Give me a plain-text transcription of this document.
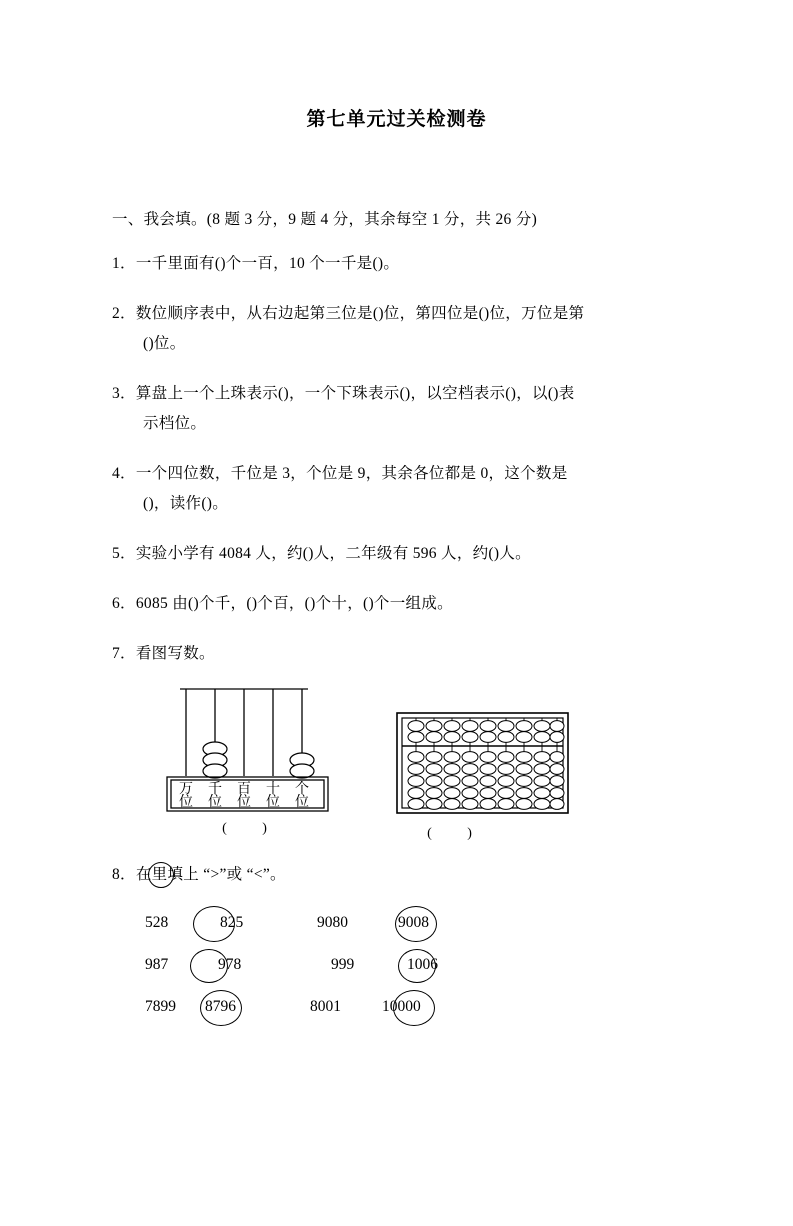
第七单元过关检测卷
一、我会填。(8 题 3 分，9 题 4 分，其余每空 1 分，共 26 分)
1．一千里面有()个一百，10 个一千是()。
2．数位顺序表中，从右边起第三位是()位，第四位是()位，万位是第
()位。
3．算盘上一个上珠表示()，一个下珠表示()，以空档表示()，以()表
示档位。
4．一个四位数，千位是 3，个位是 9，其余各位都是 0，这个数是
()，读作()。
5．实验小学有 4084 人，约()人，二年级有 596 人，约()人。
6．6085 由()个千，()个百，()个十，()个一组成。
7．看图写数。
万 千 百 十 个
位 位 位 位 位
( )	( )
8．在
里填上 “>”或 “<”。
528	825	9080	9008
987	978	999	1006
7899 8796	8001	10000
